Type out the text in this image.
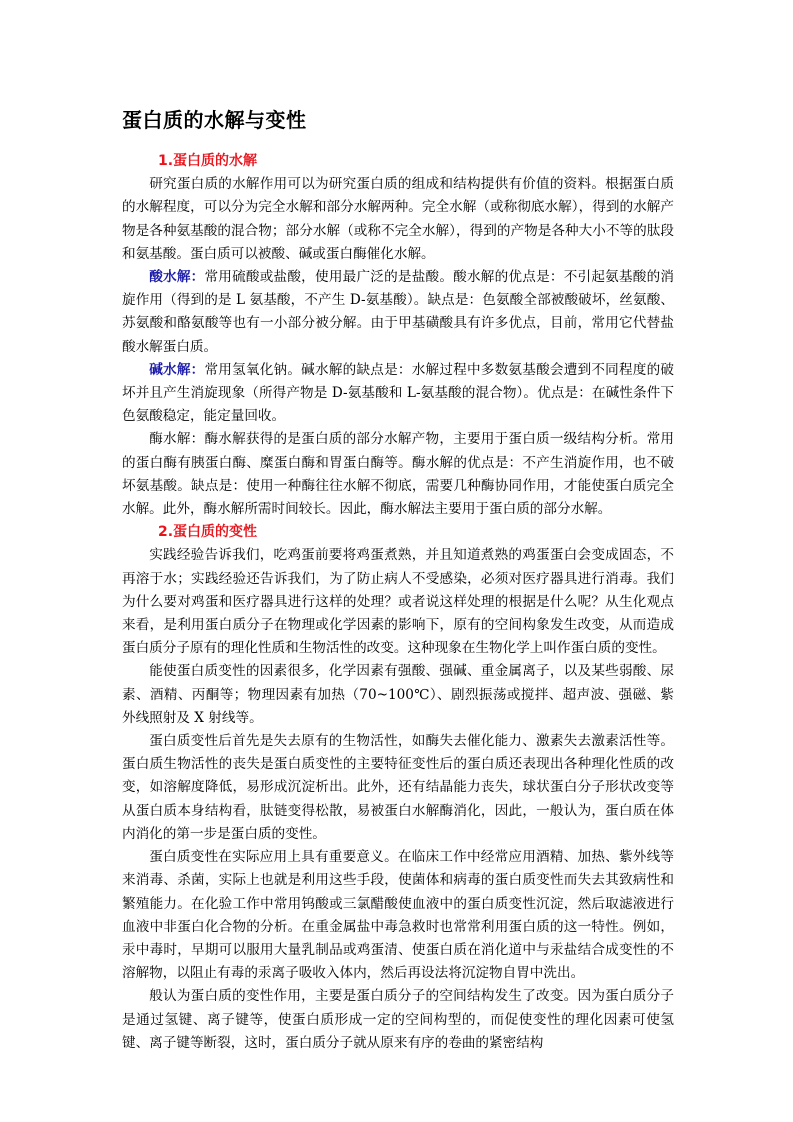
蛋白质的水解与变性
1.蛋白质的水解

研究蛋白质的水解作用可以为研究蛋白质的组成和结构提供有价值的资料。根据蛋白质的水解程度，可以分为完全水解和部分水解两种。完全水解（或称彻底水解），得到的水解产物是各种氨基酸的混合物；部分水解（或称不完全水解），得到的产物是各种大小不等的肽段和氨基酸。蛋白质可以被酸、碱或蛋白酶催化水解。

酸水解：常用硫酸或盐酸，使用最广泛的是盐酸。酸水解的优点是：不引起氨基酸的消旋作用（得到的是 L 氨基酸，不产生 D-氨基酸）。缺点是：色氨酸全部被酸破坏，丝氨酸、苏氨酸和酪氨酸等也有一小部分被分解。由于甲基磺酸具有许多优点，目前，常用它代替盐酸水解蛋白质。

碱水解：常用氢氧化钠。碱水解的缺点是：水解过程中多数氨基酸会遭到不同程度的破坏并且产生消旋现象（所得产物是 D-氨基酸和 L-氨基酸的混合物）。优点是：在碱性条件下色氨酸稳定，能定量回收。

酶水解：酶水解获得的是蛋白质的部分水解产物，主要用于蛋白质一级结构分析。常用的蛋白酶有胰蛋白酶、糜蛋白酶和胃蛋白酶等。酶水解的优点是：不产生消旋作用，也不破坏氨基酸。缺点是：使用一种酶往往水解不彻底，需要几种酶协同作用，才能使蛋白质完全水解。此外，酶水解所需时间较长。因此，酶水解法主要用于蛋白质的部分水解。

2.蛋白质的变性

实践经验告诉我们，吃鸡蛋前要将鸡蛋煮熟，并且知道煮熟的鸡蛋蛋白会变成固态，不再溶于水；实践经验还告诉我们，为了防止病人不受感染，必须对医疗器具进行消毒。我们为什么要对鸡蛋和医疗器具进行这样的处理？或者说这样处理的根据是什么呢？从生化观点来看，是利用蛋白质分子在物理或化学因素的影响下，原有的空间构象发生改变，从而造成蛋白质分子原有的理化性质和生物活性的改变。这种现象在生物化学上叫作蛋白质的变性。

能使蛋白质变性的因素很多，化学因素有强酸、强碱、重金属离子，以及某些弱酸、尿素、酒精、丙酮等；物理因素有加热（70~100℃）、剧烈振荡或搅拌、超声波、强磁、紫外线照射及 X 射线等。

蛋白质变性后首先是失去原有的生物活性，如酶失去催化能力、激素失去激素活性等。蛋白质生物活性的丧失是蛋白质变性的主要特征变性后的蛋白质还表现出各种理化性质的改变，如溶解度降低，易形成沉淀析出。此外，还有结晶能力丧失，球状蛋白分子形状改变等从蛋白质本身结构看，肽链变得松散，易被蛋白水解酶消化，因此，一般认为，蛋白质在体内消化的第一步是蛋白质的变性。

蛋白质变性在实际应用上具有重要意义。在临床工作中经常应用酒精、加热、紫外线等来消毒、杀菌，实际上也就是利用这些手段，使菌体和病毒的蛋白质变性而失去其致病性和繁殖能力。在化验工作中常用钨酸或三氯醋酸使血液中的蛋白质变性沉淀，然后取滤液进行血液中非蛋白化合物的分析。在重金属盐中毒急救时也常常利用蛋白质的这一特性。例如，汞中毒时，早期可以服用大量乳制品或鸡蛋清、使蛋白质在消化道中与汞盐结合成变性的不溶解物，以阻止有毒的汞离子吸收入体内，然后再设法将沉淀物自胃中洗出。

般认为蛋白质的变性作用，主要是蛋白质分子的空间结构发生了改变。因为蛋白质分子是通过氢键、离子键等，使蛋白质形成一定的空间构型的，而促使变性的理化因素可使氢键、离子键等断裂，这时，蛋白质分子就从原来有序的卷曲的紧密结构
